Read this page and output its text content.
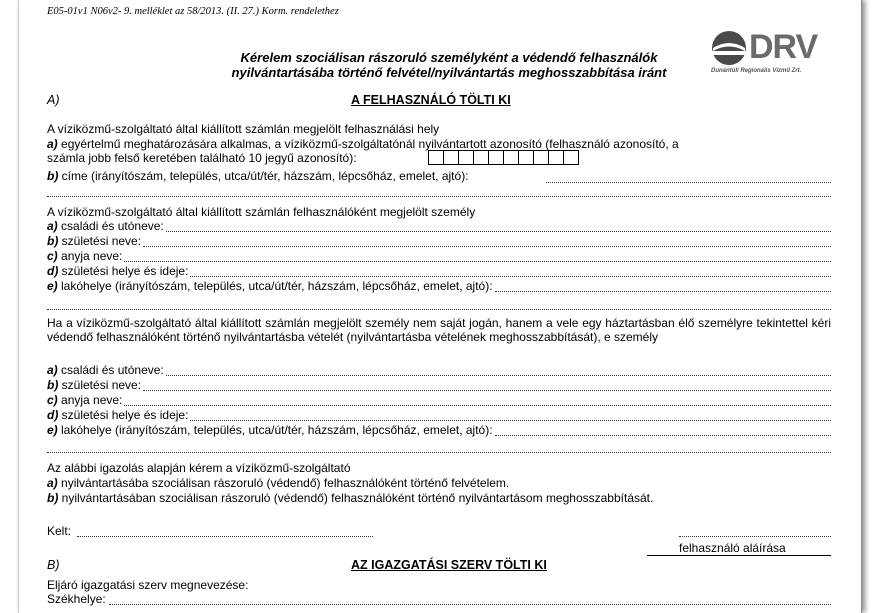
E05-01v1 N06v2- 9. melléklet az 58/2013. (II. 27.) Korm. rendelethez
Kérelem szociálisan rászoruló személyként a védendő felhasználók
nyilvántartásába történő felvétel/nyilvántartás meghosszabbítása iránt
DRV
Dunántúli Regionális Vízmű Zrt.
A)	A FELHASZNÁLÓ TÖLTI KI
A víziközmű-szolgáltató által kiállított számlán megjelölt felhasználási hely
a) egyértelmű meghatározására alkalmas, a víziközmű-szolgáltatónál nyilvántartott azonosító (felhasználó azonosító, a
számla jobb felső keretében található 10 jegyű azonosító):
b) címe (irányítószám, település, utca/út/tér, házszám, lépcsőház, emelet, ajtó):
A víziközmű-szolgáltató által kiállított számlán felhasználóként megjelölt személy
Ha a víziközmű-szolgáltató által kiállított számlán megjelölt személy nem saját jogán, hanem a vele egy háztartásban élő személyre tekintettel kéri védendő felhasználóként történő nyilvántartásba vételét (nyilvántartásba vételének meghosszabbítását), e személy
Az alábbi igazolás alapján kérem a víziközmű-szolgáltató
a) nyilvántartásába szociálisan rászoruló (védendő) felhasználóként történő felvételem.
b) nyilvántartásában szociálisan rászoruló (védendő) felhasználóként történő nyilvántartásom meghosszabbítását.
Kelt:
felhasználó aláírása
B)	AZ IGAZGATÁSI SZERV TÖLTI KI
Eljáró igazgatási szerv megnevezése:
Székhelye:
a) családi és utóneve:
b) születési neve:
c) anyja neve:
d) születési helye és ideje:
e) lakóhelye (irányítószám, település, utca/út/tér, házszám, lépcsőház, emelet, ajtó):
a) családi és utóneve:
b) születési neve:
c) anyja neve:
d) születési helye és ideje:
e) lakóhelye (irányítószám, település, utca/út/tér, házszám, lépcsőház, emelet, ajtó):
